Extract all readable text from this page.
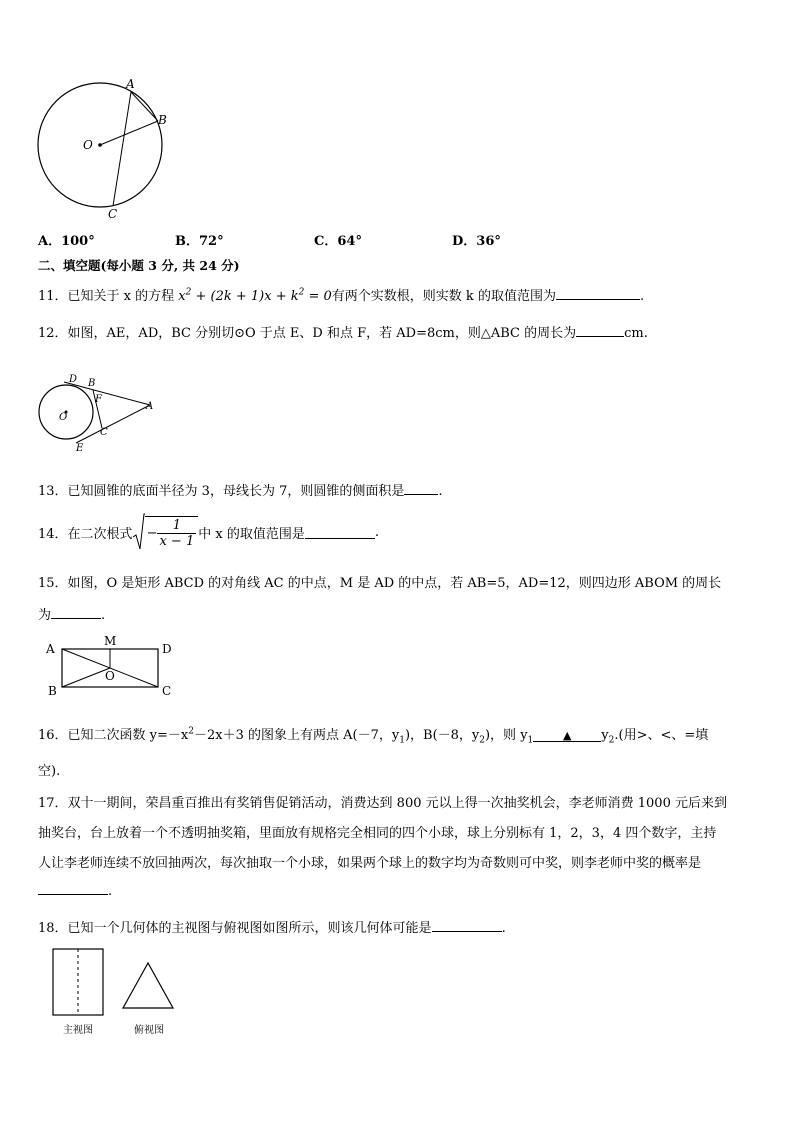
A
B
O
C
A．100°	B．72°	C．64°	D．36°
二、填空题(每小题 3 分, 共 24 分)
11．已知关于 x 的方程 $x^2 + (2k + 1)x + k^2 = 0$有两个实数根，则实数 k 的取值范围为	.
12．如图，AE，AD，BC 分别切⊙O 于点 E、D 和点 F，若 AD=8cm，则△ABC 的周长为	cm.
D B
F
A
O
C
E
13．已知圆锥的底面半径为 3，母线长为 7，则圆锥的侧面积是	.
14． 在二次根式 − $\frac{1}{x - 1}$ 中 x 的取值范围是	.
15．如图，O 是矩形 ABCD 的对角线 AC 的中点，M 是 AD 的中点，若 AB=5，AD=12，则四边形 ABOM 的周长
为	.
A
M
D
O
B	C
16．已知二次函数 $y=-x^2-2x+3$ 的图象上有两点 A(－7，$y_1$)，B(－8，$y_2$)，则 $y_1$	▲ $y_2$.(用>、<、=填
空).
17．双十一期间，荣昌重百推出有奖销售促销活动，消费达到 800 元以上得一次抽奖机会，李老师消费 1000 元后来到
抽奖台，台上放着一个不透明抽奖箱，里面放有规格完全相同的四个小球，球上分别标有 1，2，3，4 四个数字，主持
人让李老师连续不放回抽两次，每次抽取一个小球，如果两个球上的数字均为奇数则可中奖，则李老师中奖的概率是
.
18．已知一个几何体的主视图与俯视图如图所示，则该几何体可能是	.
主视图	俯视图
